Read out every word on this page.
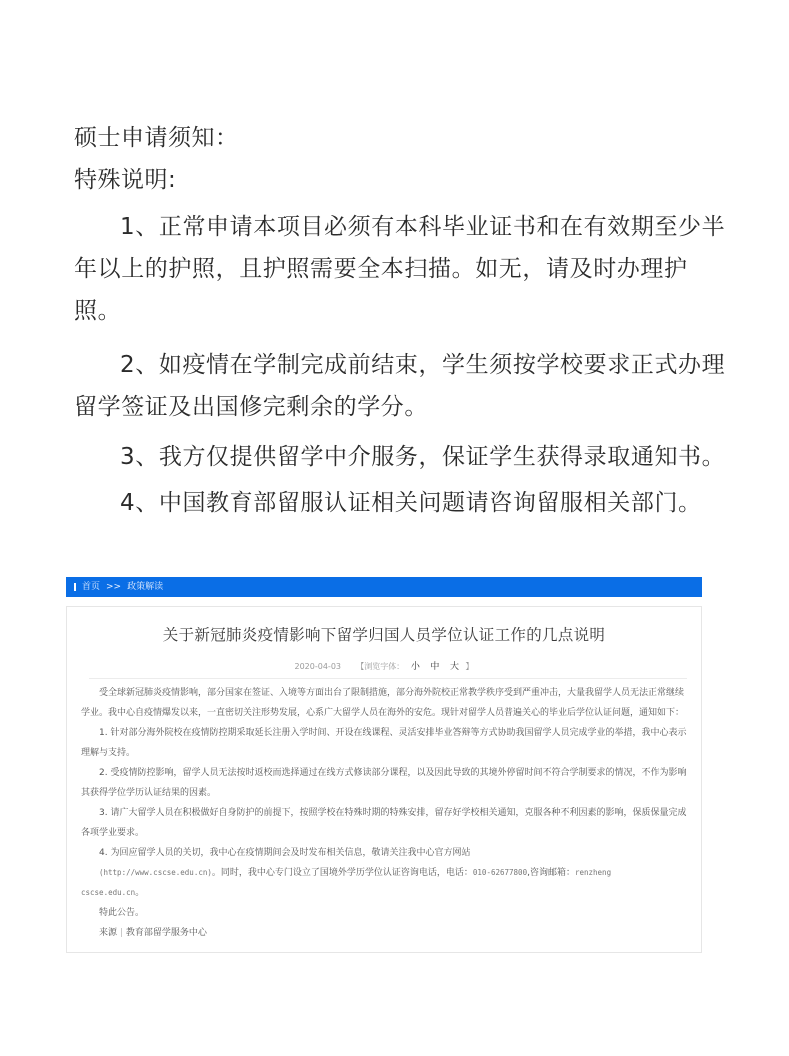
硕士申请须知：
特殊说明:
1、正常申请本项目必须有本科毕业证书和在有效期至少半年以上的护照，且护照需要全本扫描。如无，请及时办理护照。
2、如疫情在学制完成前结束，学生须按学校要求正式办理留学签证及出国修完剩余的学分。
3、我方仅提供留学中介服务，保证学生获得录取通知书。
4、中国教育部留服认证相关问题请咨询留服相关部门。
首页 >> 政策解读
关于新冠肺炎疫情影响下留学归国人员学位认证工作的几点说明
2020-04-03 【浏览字体： 小 中 大 】

受全球新冠肺炎疫情影响，部分国家在签证、入境等方面出台了限制措施，部分海外院校正常教学秩序受到严重冲击，大量我留学人员无法正常继续学业。我中心自疫情爆发以来，一直密切关注形势发展，心系广大留学人员在海外的安危。现针对留学人员普遍关心的毕业后学位认证问题，通知如下：

1. 针对部分海外院校在疫情防控期采取延长注册入学时间、开设在线课程、灵活安排毕业答辩等方式协助我国留学人员完成学业的举措，我中心表示理解与支持。

2. 受疫情防控影响，留学人员无法按时返校而选择通过在线方式修读部分课程，以及因此导致的其境外停留时间不符合学制要求的情况，不作为影响其获得学位学历认证结果的因素。

3. 请广大留学人员在积极做好自身防护的前提下，按照学校在特殊时期的特殊安排，留存好学校相关通知，克服各种不利因素的影响，保质保量完成各项学业要求。

4. 为回应留学人员的关切，我中心在疫情期间会及时发布相关信息，敬请关注我中心官方网站

(http://www.cscse.edu.cn)。同时，我中心专门设立了国境外学历学位认证咨询电话，电话：010-62677800,咨询邮箱：renzheng

cscse.edu.cn。

特此公告。

来源 | 教育部留学服务中心
